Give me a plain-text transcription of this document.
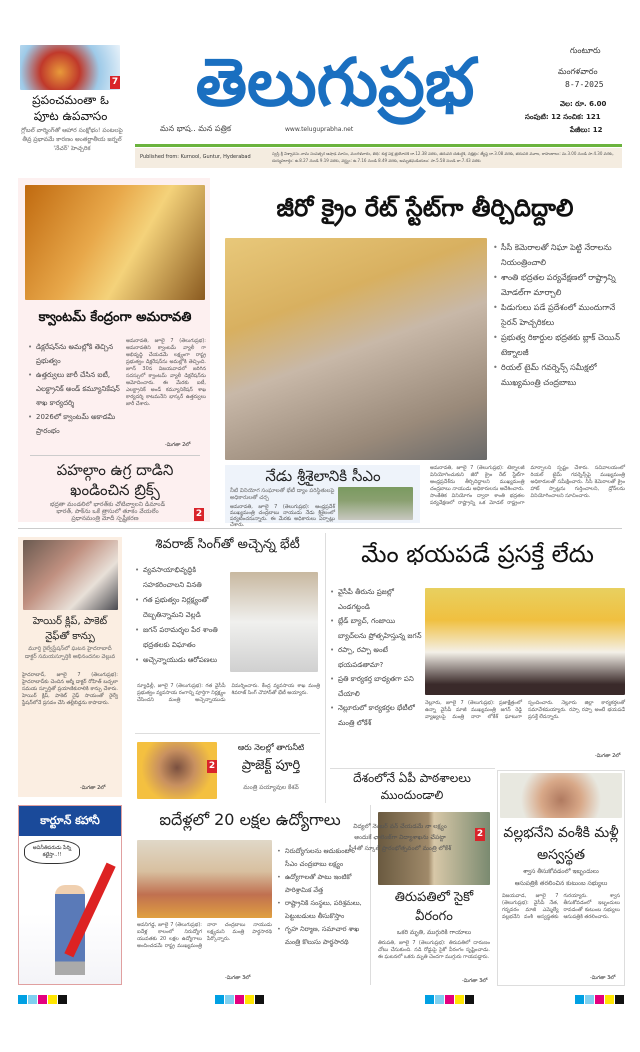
7
ప్రపంచమంతా ఓ పూట ఉపవాసం
గ్లోబల్ వార్మింగ్‌తో ఆహార సంక్షోభం! పంటలపై తీవ్ర ప్రభావమే కారణం అంతర్జాతీయ జర్నల్ 'నేచర్' హెచ్చరిక
తెలుగుప్రభ
మన భాష.. మన పత్రిక	www.teluguprabha.net
గుంటూరు
మంగళవారం
8-7-2025
వెల: రూ. 6.00
సంపుటి: 12 సంచిక: 121
పేజీలు: 12
Published from: Kurnool, Guntur, Hyderabad
స్వస్తి శ్రీ విశ్వావసు నామ సంవత్సర ఆషాఢ మాసం, మంగళవారం, తిథి: శుక్ల పక్ష త్రయోదశి రా.12.38 వరకు, తదుపరి చతుర్దశి, నక్షత్రం: జ్యేష్ఠ రా.3.08 వరకు, తదుపరి మూల, రాహుకాలం: మ.3.00 నుండి సా.4.30 వరకు, దుర్ముహూర్తం: ఉ.8.27 నుండి 9.19 వరకు, వర్జ్యం: ఉ.7.16 నుండి 8.49 వరకు, అమృతఘడియలు: సా.5.58 నుండి రా.7.43 వరకు
క్వాంటమ్ కేంద్రంగా అమరావతి
• డిక్లరేషన్‌ను అమల్లోకి తెచ్చిన ప్రభుత్వం
• ఉత్తర్వులు జారీ చేసిన ఐటీ, ఎలక్ట్రానిక్ అండ్ కమ్యూనికేషన్ శాఖ కార్యదర్శి
• 2026లో క్వాంటమ్ అకాడమీ ప్రారంభం
అమరావతి, జూలై 7 (తెలుగుప్రభ): అమరావతిని క్వాంటమ్ వ్యాలీ గా అభివృద్ధి చేయడమే లక్ష్యంగా రాష్ట్ర ప్రభుత్వం డిక్లరేషన్‌ను అమల్లోకి తెచ్చింది. జూన్ 30న విజయవాడలో జరిగిన సదస్సులో క్వాంటమ్ వ్యాలీ డిక్లరేషన్‌ను ఆమోదించారు. ఈ మేరకు ఐటీ, ఎలక్ట్రానిక్ అండ్ కమ్యూనికేషన్ శాఖ కార్యదర్శి కాటమనేని భాస్కర్ ఉత్తర్వులు జారీ చేశారు.
-మిగతా 2లో
పహల్గాం ఉగ్ర దాడిని ఖండించిన బ్రిక్స్
భద్రతా మండలిలో భారత్‌కు చోటివ్వాలని డిమాండ్
భారత్, పాక్‌ను ఒకే త్రాసులో తూకం వేయలేం
ప్రధానమంత్రి మోదీ స్పష్టీకరణ	2
జీరో క్రైం రేట్ స్టేట్‌గా తీర్చిదిద్దాలి
• సీసీ కెమెరాలతో నిఘా పెట్టి నేరాలను నియంత్రించాలి
• శాంతి భద్రతల పర్యవేక్షణలో రాష్ట్రాన్ని మోడల్‌గా మార్చాలి
• పిడుగులు పడే ప్రదేశంలో ముందుగానే సైరన్ హెచ్చరికలు
• ప్రభుత్వ రికార్డుల భద్రతకు బ్లాక్ చెయిన్ టెక్నాలజీ
• రియల్ టైమ్ గవర్నెన్స్ సమీక్షలో ముఖ్యమంత్రి చంద్రబాబు
నేడు శ్రీశైలానికి సీఎం
నీటి వినియోగ సంఘాలతో భేటీ డ్యాం పరిస్థితులపై అధికారులతో చర్చ
అమరావతి, జూలై 7 (తెలుగుప్రభ): ఆంధ్రప్రదేశ్ ముఖ్యమంత్రి చంద్రబాబు నాయుడు నేడు శ్రీశైలంలో పర్యటించనున్నారు. ఈ మేరకు అధికారులు ఏర్పాట్లు చేశారు.
అమరావతి, జూలై 7 (తెలుగుప్రభ): టెక్నాలజీ వినియోగించుకుని జీరో క్రైం రేట్ స్టేట్‌గా ఆంధ్రప్రదేశ్‌ను తీర్చిదిద్దాలని ముఖ్యమంత్రి చంద్రబాబు నాయుడు అధికారులను ఆదేశించారు. సాంకేతిక వినియోగం ద్వారా శాంతి భద్రతల పర్యవేక్షణలో రాష్ట్రాన్ని ఒక మోడల్ రాష్ట్రంగా మార్చాలని స్పష్టం చేశారు. సచివాలయంలో రియల్ టైమ్ గవర్నెన్స్‌పై ముఖ్యమంత్రి అధికారులతో సమీక్షించారు. సీసీ కెమెరాలతో క్రైం హాట్ స్పాట్లను గుర్తించాలని, డ్రోన్‌లను వినియోగించాలని సూచించారు.
హెయిర్ క్లిప్, పాకెట్ నైఫ్‌తో కాన్పు
మూర్తి రైల్వేస్టేషన్‌లో ఘటన హైదరాబాదీ డాక్టర్ సమయస్ఫూర్తికి అభినందనల వెల్లువ
హైదరాబాద్, జూలై 7 (తెలుగుప్రభ): హైదరాబాద్‌కు చెందిన ఆర్మీ డాక్టర్ రోహిత్ బచ్చలా సమయ స్ఫూర్తితో ప్రయాణికురాలికి కాన్పు చేశారు. హెయిర్ క్లిప్, పాకెట్ నైఫ్ సాయంతో రైల్వే స్టేషన్‌లోనే ప్రసవం చేసి తల్లీబిడ్డను కాపాడారు.
-మిగతా 2లో
శివరాజ్ సింగ్‌తో అచ్చెన్న భేటీ
• వ్యవసాయాభివృద్ధికి సహకరించాలని వినతి
• గత ప్రభుత్వం నిర్లక్ష్యంతో దెబ్బతిన్నామని వెల్లడి
• జగన్ పరామర్శల పేర శాంతి భద్రతలకు విఘాతం
• అచ్చెన్నాయుడు ఆరోపణలు
న్యూఢిల్లీ, జూలై 7 (తెలుగుప్రభ): గత వైసీపీ ప్రభుత్వం వ్యవసాయ రంగాన్ని పూర్తిగా నిర్లక్ష్యం చేసిందని మంత్రి అచ్చెన్నాయుడు విమర్శించారు. కేంద్ర వ్యవసాయ శాఖ మంత్రి శివరాజ్ సింగ్ చౌహాన్‌తో భేటీ అయ్యారు.
2
ఆరు నెలల్లో తాగునీటి
ప్రాజెక్ట్ పూర్తి
మంత్రి పయ్యావుల కేశవ్
మేం భయపడే ప్రసక్తే లేదు
• వైసీపీ తీరును ప్రజల్లో ఎండగట్టండి
• బ్లేడ్ బ్యాచ్, గంజాయి బ్యాచ్‌లను ప్రోత్సహిస్తున్న జగన్
• రప్పా, రప్పా అంటే భయపడతామా?
• ప్రతి కార్యకర్త బాధ్యతగా పని చేయాలి
• నెల్లూరులో కార్యకర్తల భేటీలో మంత్రి లోకేశ్
నెల్లూరు, జూలై 7 (తెలుగుప్రభ): ప్రజాక్షేత్రంలో ఉన్నా వైసీపీ మాజీ ముఖ్యమంత్రి జగన్ రెడ్డి వ్యాఖ్యలపై మంత్రి నారా లోకేశ్ ఘాటుగా స్పందించారు. నెల్లూరు జిల్లా కార్యకర్తలతో సమావేశమయ్యారు. రప్పా రప్పా అంటే భయపడే ప్రసక్తే లేదన్నారు.
-మిగతా 2లో
దేశంలోనే ఏపీ పాఠశాలలు ముందుండాలి
విద్యలో నెంబర్ వన్ చేయడమే నా లక్ష్యం
అందుకే ఛాలెంజ్‌గా విద్యాశాఖను చేపట్టా
పీ4తో స్కూల్ ప్రారంభోత్సవంలో మంత్రి లోకేశ్
2 వల్లభనేని వంశీకి మళ్లీ అస్వస్థత
శ్వాస తీసుకోవడంలో ఇబ్బందులు
ఆసుపత్రికి తరలించిన కుటుంబ సభ్యులు
విజయవాడ, జూలై 7 (తెలుగుప్రభ): వైసీపీ నేత, గన్నవరం మాజీ ఎమ్మెల్యే వల్లభనేని వంశీ అస్వస్థతకు గురయ్యారు. శ్వాస తీసుకోవడంలో ఇబ్బందులు రావడంతో కుటుంబ సభ్యులు ఆసుపత్రికి తరలించారు.
-మిగతా 3లో
కార్టూన్ కహానీ
అవినీతిపరుడు పేర్ని కట్టేస్తా..!!
ఐదేళ్లలో 20 లక్షల ఉద్యోగాలు
• నిరుద్యోగులను ఆదుకుంటాం సీఎం చంద్రబాబు లక్ష్యం
• ఉద్యోగాలతో పాటు ఇంటికో పారిశ్రామిక వేత్త
• రాష్ట్రానికి సంస్థలు, పరిశ్రమలు, పెట్టుబడులు తీసుకొస్తాం
• గృహ నిర్మాణ, సమాచార శాఖ మంత్రి కొలుసు పార్థసారథి
అవనిగడ్డ, జూలై 7 (తెలుగుప్రభ): ఐదేళ్ల కాలంలో నిరుద్యోగ యువతకు 20 లక్షల ఉద్యోగాలు అందించడమే రాష్ట్ర ముఖ్యమంత్రి నారా చంద్రబాబు నాయుడు లక్ష్యమని మంత్రి పార్థసారథి పేర్కొన్నారు.
-మిగతా 3లో
తిరుపతిలో సైకో వీరంగం
ఒకరి మృతి, ముగ్గురికి గాయాలు
తిరుపతి, జూలై 7 (తెలుగుప్రభ): తిరుపతిలో దారుణం చోటు చేసుకుంది. నడి రోడ్డుపై సైకో వీరంగం సృష్టించాడు. ఈ ఘటనలో ఒకరు మృతి చెందగా ముగ్గురు గాయపడ్డారు.
-మిగతా 3లో
